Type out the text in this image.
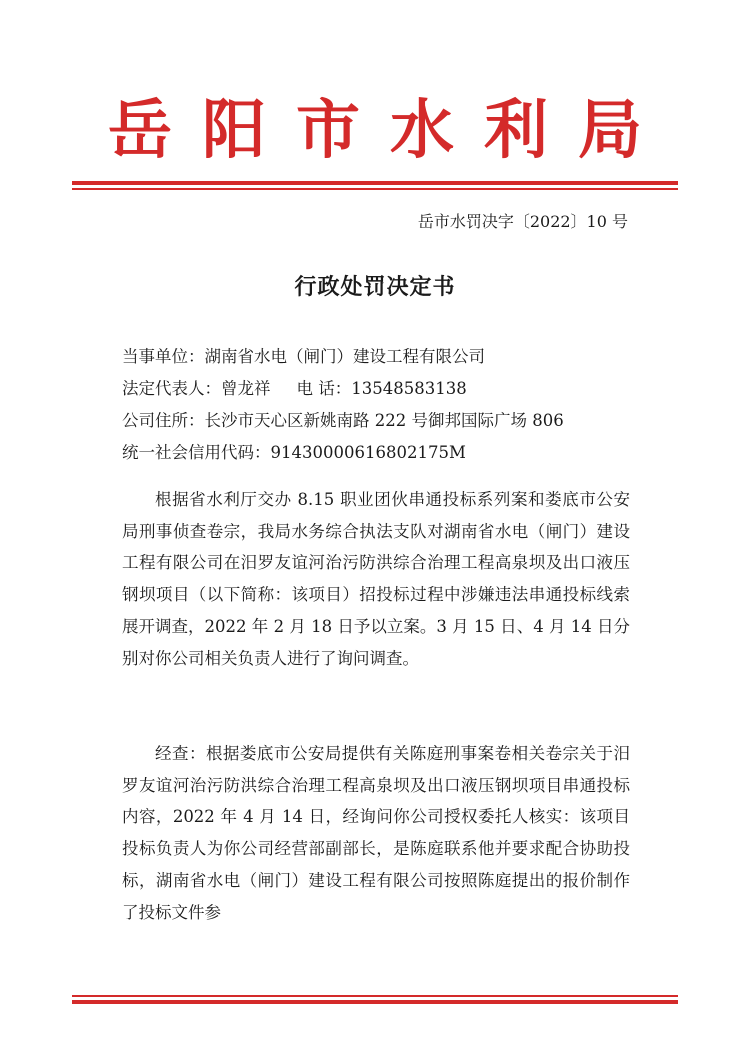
岳阳市水利局
岳市水罚决字〔2022〕10 号
行政处罚决定书
当事单位：湖南省水电（闸门）建设工程有限公司
法定代表人：曾龙祥 电 话：13548583138
公司住所：长沙市天心区新姚南路 222 号御邦国际广场 806
统一社会信用代码：91430000616802175M

根据省水利厅交办 8.15 职业团伙串通投标系列案和娄底市公安局刑事侦查卷宗，我局水务综合执法支队对湖南省水电（闸门）建设工程有限公司在汨罗友谊河治污防洪综合治理工程高泉坝及出口液压钢坝项目（以下简称：该项目）招投标过程中涉嫌违法串通投标线索展开调查，2022 年 2 月 18 日予以立案。3 月 15 日、4 月 14 日分别对你公司相关负责人进行了询问调查。

经查：根据娄底市公安局提供有关陈庭刑事案卷相关卷宗关于汨罗友谊河治污防洪综合治理工程高泉坝及出口液压钢坝项目串通投标内容，2022 年 4 月 14 日，经询问你公司授权委托人核实：该项目投标负责人为你公司经营部副部长，是陈庭联系他并要求配合协助投标，湖南省水电（闸门）建设工程有限公司按照陈庭提出的报价制作了投标文件参
